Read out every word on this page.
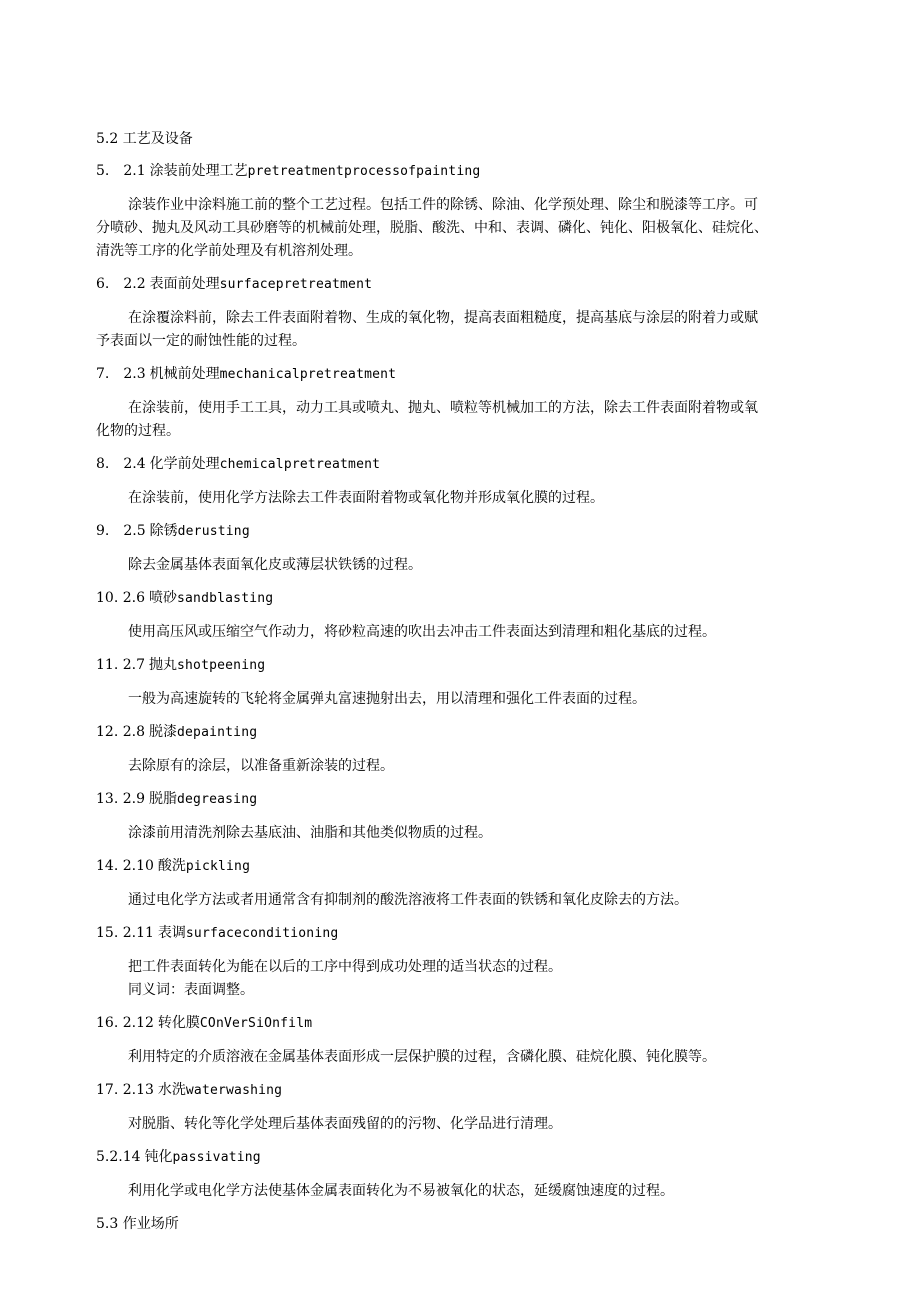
5.2 工艺及设备
5.　2.1 涂装前处理工艺pretreatmentprocessofpainting
涂装作业中涂料施工前的整个工艺过程。包括工件的除锈、除油、化学预处理、除尘和脱漆等工序。可
分喷砂、抛丸及风动工具砂磨等的机械前处理，脱脂、酸洗、中和、表调、磷化、钝化、阳极氧化、硅烷化、
清洗等工序的化学前处理及有机溶剂处理。
6.　2.2 表面前处理surfacepretreatment
在涂覆涂料前，除去工件表面附着物、生成的氧化物，提高表面粗糙度，提高基底与涂层的附着力或赋
予表面以一定的耐蚀性能的过程。
7.　2.3 机械前处理mechanicalpretreatment
在涂装前，使用手工工具，动力工具或喷丸、抛丸、喷粒等机械加工的方法，除去工件表面附着物或氧
化物的过程。
8.　2.4 化学前处理chemicalpretreatment
在涂装前，使用化学方法除去工件表面附着物或氧化物并形成氧化膜的过程。
9.　2.5 除锈derusting
除去金属基体表面氧化皮或薄层状铁锈的过程。
10. 2.6 喷砂sandblasting
使用高压风或压缩空气作动力，将砂粒高速的吹出去冲击工件表面达到清理和粗化基底的过程。
11. 2.7 抛丸shotpeening
一般为高速旋转的飞轮将金属弹丸富速抛射出去，用以清理和强化工件表面的过程。
12. 2.8 脱漆depainting
去除原有的涂层，以准备重新涂装的过程。
13. 2.9 脱脂degreasing
涂漆前用清洗剂除去基底油、油脂和其他类似物质的过程。
14. 2.10 酸洗pickling
通过电化学方法或者用通常含有抑制剂的酸洗溶液将工件表面的铁锈和氧化皮除去的方法。
15. 2.11 表调surfaceconditioning
把工件表面转化为能在以后的工序中得到成功处理的适当状态的过程。
同义词：表面调整。
16. 2.12 转化膜COnVerSiOnfilm
利用特定的介质溶液在金属基体表面形成一层保护膜的过程，含磷化膜、硅烷化膜、钝化膜等。
17. 2.13 水洗waterwashing
对脱脂、转化等化学处理后基体表面残留的的污物、化学品进行清理。
5.2.14 钝化passivating
利用化学或电化学方法使基体金属表面转化为不易被氧化的状态，延缓腐蚀速度的过程。
5.3 作业场所
